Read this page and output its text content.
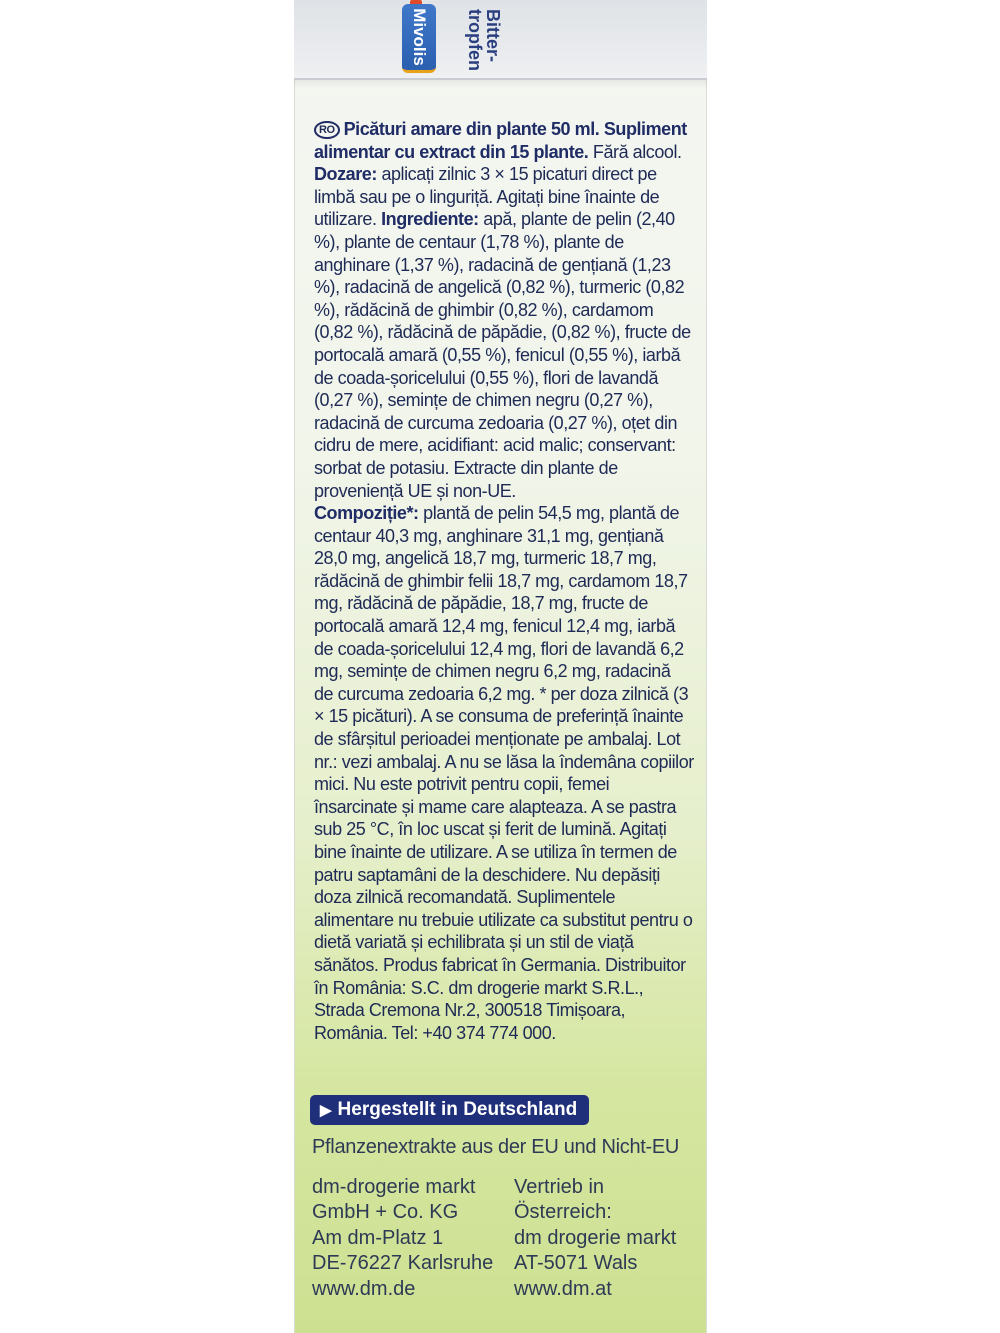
Mivolis	Bitter-
tropfen

RO Picături amare din plante 50 ml. Supliment alimentar cu extract din 15 plante. Fără alcool. Dozare: aplicați zilnic 3 × 15 picaturi direct pe limbă sau pe o linguriță. Agitați bine înainte de utilizare. Ingrediente: apă, plante de pelin (2,40 %), plante de centaur (1,78 %), plante de anghinare (1,37 %), radacină de gențiană (1,23 %), radacină de angelică (0,82 %), turmeric (0,82 %), rădăcină de ghimbir (0,82 %), cardamom (0,82 %), rădăcină de păpădie, (0,82 %), fructe de portocală amară (0,55 %), fenicul (0,55 %), iarbă de coada-șoricelului (0,55 %), flori de lavandă (0,27 %), semințe de chimen negru (0,27 %), radacină de curcuma zedoaria (0,27 %), oțet din cidru de mere, acidifiant: acid malic; conservant: sorbat de potasiu. Extracte din plante de proveniență UE și non-UE.

Compoziție*: plantă de pelin 54,5 mg, plantă de centaur 40,3 mg, anghinare 31,1 mg, gențiană 28,0 mg, angelică 18,7 mg, turmeric 18,7 mg, rădăcină de ghimbir felii 18,7 mg, cardamom 18,7 mg, rădăcină de păpădie, 18,7 mg, fructe de portocală amară 12,4 mg, fenicul 12,4 mg, iarbă de coada-șoricelului 12,4 mg, flori de lavandă 6,2 mg, semințe de chimen negru 6,2 mg, radacină de curcuma zedoaria 6,2 mg. * per doza zilnică (3 × 15 picături). A se consuma de preferință înainte de sfârșitul perioadei menționate pe ambalaj. Lot nr.: vezi ambalaj. A nu se lăsa la îndemâna copiilor mici. Nu este potrivit pentru copii, femei însarcinate și mame care alapteaza. A se pastra sub 25 °C, în loc uscat și ferit de lumină. Agitați bine înainte de utilizare. A se utiliza în termen de patru saptamâni de la deschidere. Nu depăsiți doza zilnică recomandată. Suplimentele alimentare nu trebuie utilizate ca substitut pentru o dietă variată și echilibrata și un stil de viață sănătos. Produs fabricat în Germania. Distribuitor în România: S.C. dm drogerie markt S.R.L., Strada Cremona Nr.2, 300518 Timișoara, România. Tel: +40 374 774 000.

▶ Hergestellt in Deutschland
Pflanzenextrakte aus der EU und Nicht-EU
dm-drogerie markt
GmbH + Co. KG
Am dm-Platz 1
DE-76227 Karlsruhe
www.dm.de
Vertrieb in
Österreich:
dm drogerie markt
AT-5071 Wals
www.dm.at
